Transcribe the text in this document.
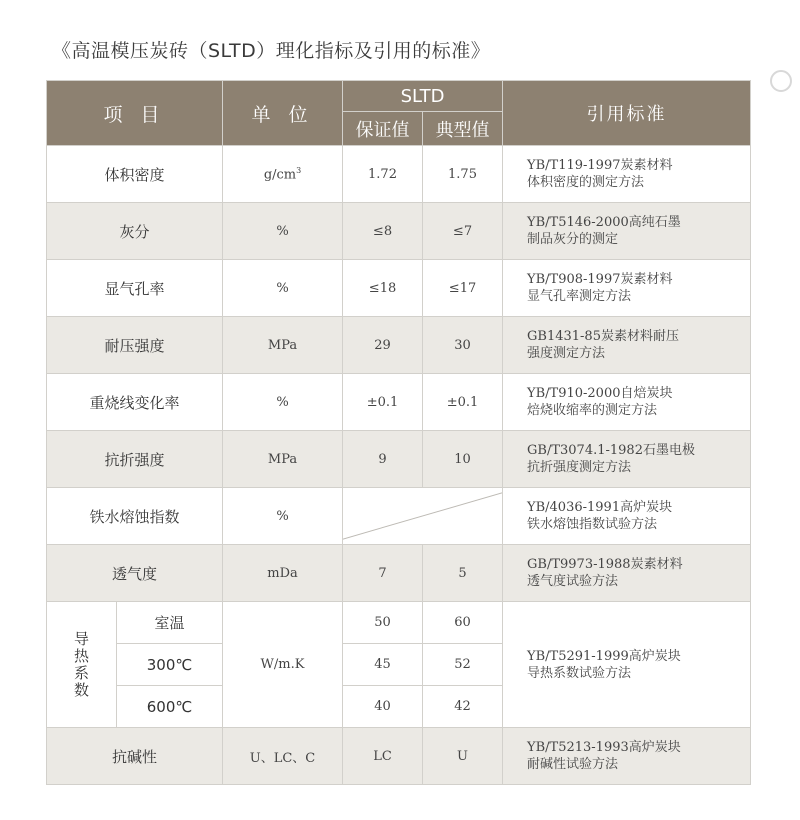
《高温模压炭砖（SLTD）理化指标及引用的标准》
项 目		单 位	SLTD		引用标准
			保证值	典型值	
体积密度		$g/cm^3$	1.72	1.75	YB/T119-1997炭素材料
体积密度的测定方法

灰分		%	≤8	≤7	YB/T5146-2000高纯石墨
制品灰分的测定

显气孔率		%	≤18	≤17	YB/T908-1997炭素材料
显气孔率测定方法

耐压强度		MPa	29	30	GB1431-85炭素材料耐压
强度测定方法

重烧线变化率		%	±0.1	±0.1	YB/T910-2000自焙炭块
焙烧收缩率的测定方法

抗折强度		MPa	9	10	GB/T3074.1-1982石墨电极
抗折强度测定方法

铁水熔蚀指数		%			YB/4036-1991高炉炭块
铁水熔蚀指数试验方法

透气度		mDa	7	5	GB/T9973-1988炭素材料
透气度试验方法

导热系数	室温	W/m.K	50	60	YB/T5291-1999高炉炭块
导热系数试验方法

	300℃		45	52	
	600℃		40	42	
抗碱性		U、LC、C	LC	U	YB/T5213-1993高炉炭块
耐碱性试验方法
